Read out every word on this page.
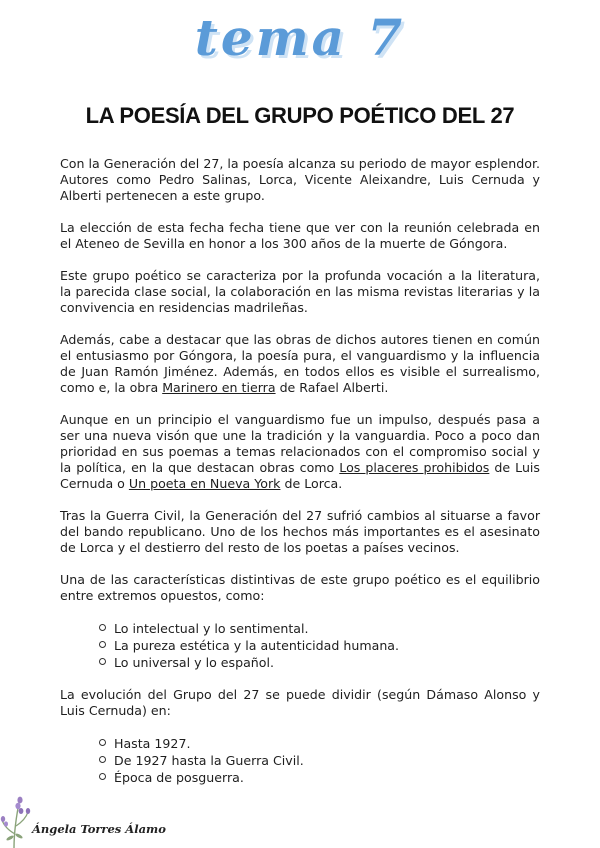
tema 7
LA POESÍA DEL GRUPO POÉTICO DEL 27

Con la Generación del 27, la poesía alcanza su periodo de mayor esplendor. Autores como Pedro Salinas, Lorca, Vicente Aleixandre, Luis Cernuda y Alberti pertenecen a este grupo.

La elección de esta fecha fecha tiene que ver con la reunión celebrada en el Ateneo de Sevilla en honor a los 300 años de la muerte de Góngora.

Este grupo poético se caracteriza por la profunda vocación a la literatura, la parecida clase social, la colaboración en las misma revistas literarias y la convivencia en residencias madrileñas.

Además, cabe a destacar que las obras de dichos autores tienen en común el entusiasmo por Góngora, la poesía pura, el vanguardismo y la influencia de Juan Ramón Jiménez. Además, en todos ellos es visible el surrealismo, como e, la obra Marinero en tierra de Rafael Alberti.

Aunque en un principio el vanguardismo fue un impulso, después pasa a ser una nueva visón que une la tradición y la vanguardia. Poco a poco dan prioridad en sus poemas a temas relacionados con el compromiso social y la política, en la que destacan obras como Los placeres prohibidos de Luis Cernuda o Un poeta en Nueva York de Lorca.

Tras la Guerra Civil, la Generación del 27 sufrió cambios al situarse a favor del bando republicano. Uno de los hechos más importantes es el asesinato de Lorca y el destierro del resto de los poetas a países vecinos.

Una de las características distintivas de este grupo poético es el equilibrio entre extremos opuestos, como:

Lo intelectual y lo sentimental.
La pureza estética y la autenticidad humana.
Lo universal y lo español.

La evolución del Grupo del 27 se puede dividir (según Dámaso Alonso y Luis Cernuda) en:

Hasta 1927.
De 1927 hasta la Guerra Civil.
Época de posguerra.
Ángela Torres Álamo
